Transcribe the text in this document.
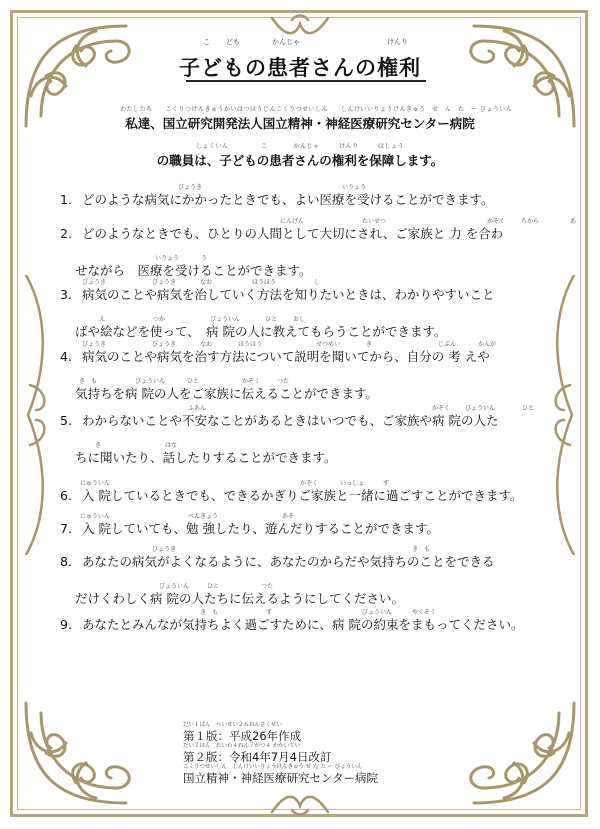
こ ども	かんじゃ	けんり
子どもの患者さんの権利
わたしたち　　こくりつけんきゅうかいはつほうじんこくりつせいしん　　しんけいいりょうけんきゅう　せ　ん　た　ー びょういん
私達、国立研究開発法人国立精神・神経医療研究センター病院
しょくいん　　　　　こ　　　　かんじゃ　　　けんり　　　ほしょう
の職員は、子どもの患者さんの権利を保障します。
びょうき	いりょう
1. どのような病気にかかったときでも、よい医療を受けることができます。
にんげん	たいせつ	かぞく	ちから	あ
2. どのようなときでも、ひとりの人間として大切にされ、ご家族と 力 を合わ
いりょう	う
せながら　医療を受けることができます。
びょうき	びょうき	なお	ほうほう	し
3. 病気のことや病気を治していく方法を知りたいときは、わかりやすいこと
え	つか	びょういん	ひと	おし
ばや絵などを使って、　病 院の人に教えてもらうことができます。
びょうき	びょうき	なお	ほうほう	せつめい	き	じぶん	かんが
4. 病気のことや病気を治す方法について説明を聞いてから、自分の 考 えや
き　も	びょういん	ひと	かぞく	つた
気持ちを病 院の人をご家族に伝えることができます。
ふあん	かぞく びょういん	ひと
5. わからないことや不安なことがあるときはいつでも、ご家族や病 院の人た
き	はな
ちに聞いたり、話したりすることができます。
にゅういん	かぞく	いっしょ	す
6. 入 院しているときでも、できるかぎりご家族と一緒に過ごすことができます。
にゅういん	べんきょう	あそ
7. 入 院していても、勉 強したり、遊んだりすることができます。
びょうき	き　も
8. あなたの病気がよくなるように、あなたのからだや気持ちのことをできる
びょういん	ひと	つた
だけくわしく病 院の人たちに伝えるようにしてください。
き　も	す	びょういん	やくそく
9. あなたとみんなが気持ちよく過ごすために、病 院の約束をまもってください。
だい１ばん　へいせい２６ねんさくせい
第１版：平成26年作成
だい２はん　れいわ４ねん７がつ４ かかいてい
第２版：令和4年7月4日改訂
こくりつせいしん　しんけいいりょうけんきゅう せ ん た ー びょういん
国立精神・神経医療研究センター病院
